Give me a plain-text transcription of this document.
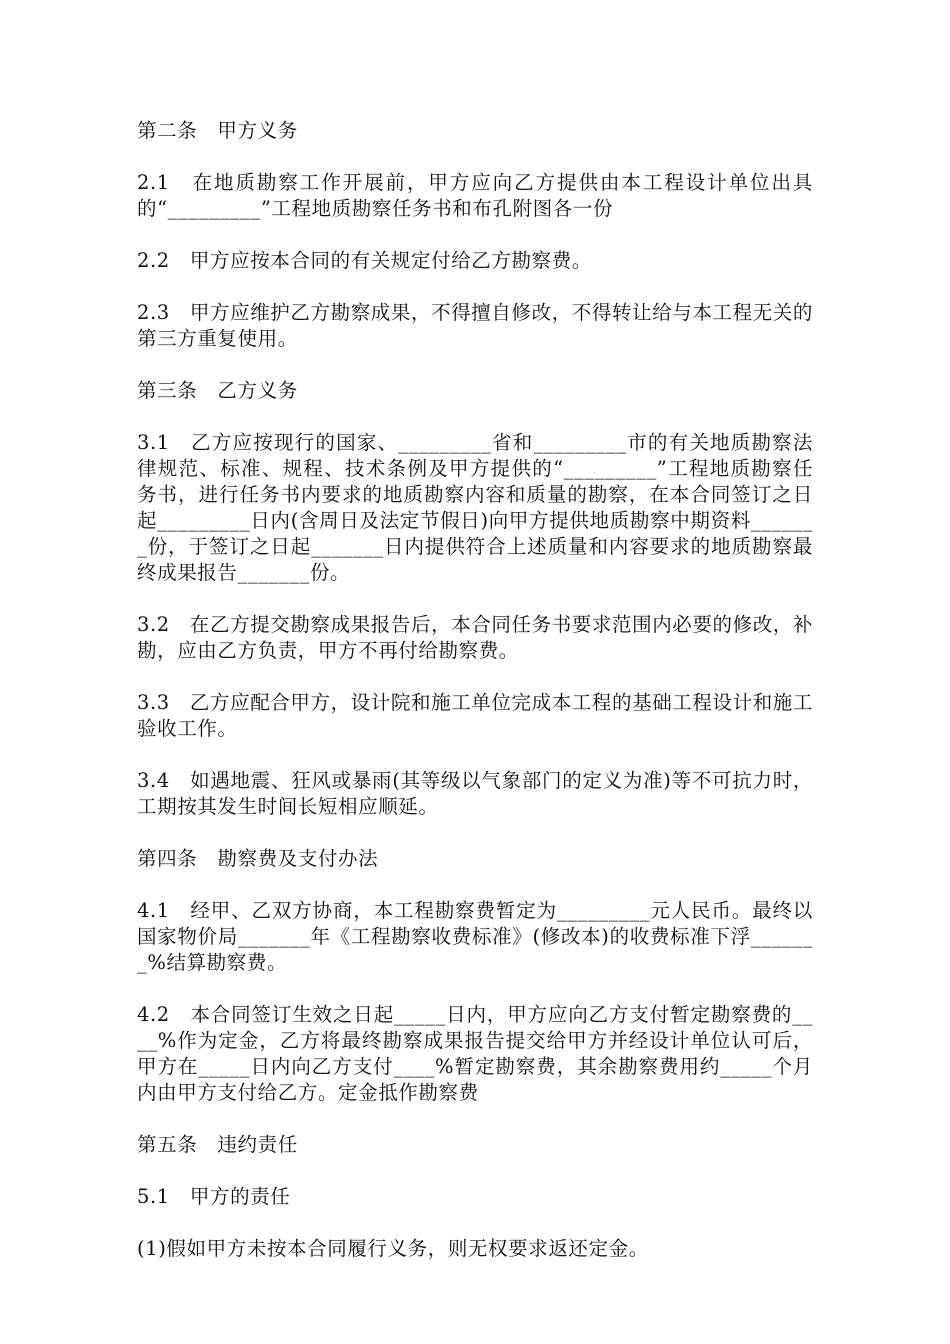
第二条　甲方义务

2.1　在地质勘察工作开展前，甲方应向乙方提供由本工程设计单位出具的“_________”工程地质勘察任务书和布孔附图各一份

2.2　甲方应按本合同的有关规定付给乙方勘察费。

2.3　甲方应维护乙方勘察成果，不得擅自修改，不得转让给与本工程无关的第三方重复使用。

第三条　乙方义务

3.1　乙方应按现行的国家、_________省和_________市的有关地质勘察法律规范、标准、规程、技术条例及甲方提供的“_________”工程地质勘察任务书，进行任务书内要求的地质勘察内容和质量的勘察，在本合同签订之日起_________日内(含周日及法定节假日)向甲方提供地质勘察中期资料_______份，于签订之日起_______日内提供符合上述质量和内容要求的地质勘察最终成果报告_______份。

3.2　在乙方提交勘察成果报告后，本合同任务书要求范围内必要的修改，补勘，应由乙方负责，甲方不再付给勘察费。

3.3　乙方应配合甲方，设计院和施工单位完成本工程的基础工程设计和施工验收工作。

3.4　如遇地震、狂风或暴雨(其等级以气象部门的定义为准)等不可抗力时，工期按其发生时间长短相应顺延。

第四条　勘察费及支付办法

4.1　经甲、乙双方协商，本工程勘察费暂定为_________元人民币。最终以国家物价局_______年《工程勘察收费标准》(修改本)的收费标准下浮_______%结算勘察费。

4.2　本合同签订生效之日起_____日内，甲方应向乙方支付暂定勘察费的____%作为定金，乙方将最终勘察成果报告提交给甲方并经设计单位认可后，甲方在_____日内向乙方支付____%暂定勘察费，其余勘察费用约_____个月内由甲方支付给乙方。定金抵作勘察费

第五条　违约责任

5.1　甲方的责任

(1)假如甲方未按本合同履行义务，则无权要求返还定金。
